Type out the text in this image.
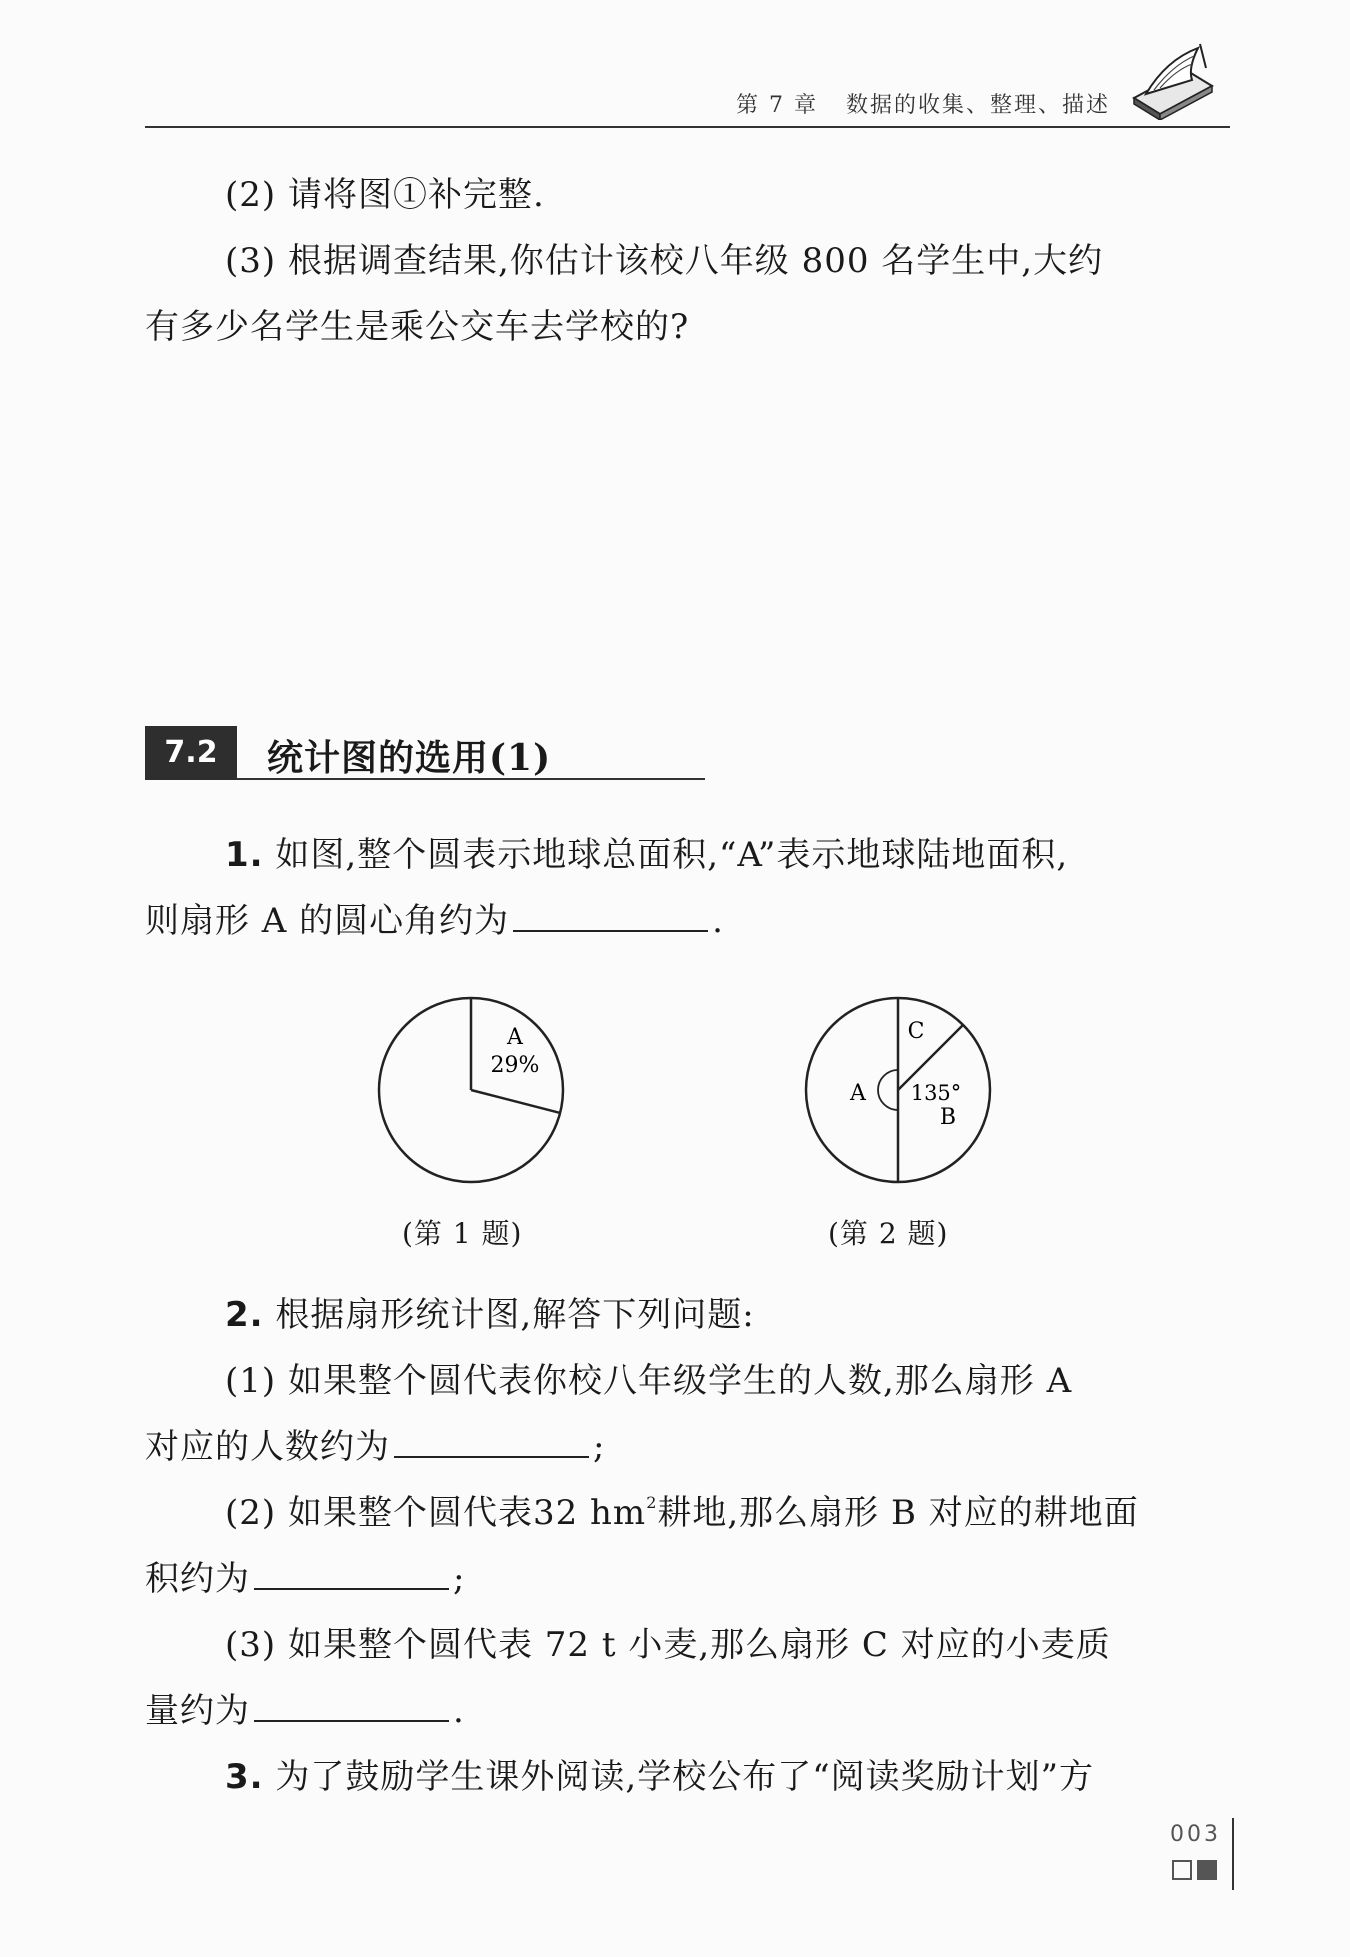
第 7 章 数据的收集、整理、描述

(2) 请将图①补完整.

(3) 根据调查结果,你估计该校八年级 800 名学生中,大约

有多少名学生是乘公交车去学校的?

7.2	统计图的选用(1)

1. 如图,整个圆表示地球总面积,“A”表示地球陆地面积,

则扇形 A 的圆心角约为	.

A
29%
(第 1 题)
C
A 135°
B
(第 2 题)

2. 根据扇形统计图,解答下列问题:

(1) 如果整个圆代表你校八年级学生的人数,那么扇形 A

对应的人数约为	;

(2) 如果整个圆代表32 $hm^2$耕地,那么扇形 B 对应的耕地面

积约为	;

(3) 如果整个圆代表 72 t 小麦,那么扇形 C 对应的小麦质

量约为	.

3. 为了鼓励学生课外阅读,学校公布了“阅读奖励计划”方

003
